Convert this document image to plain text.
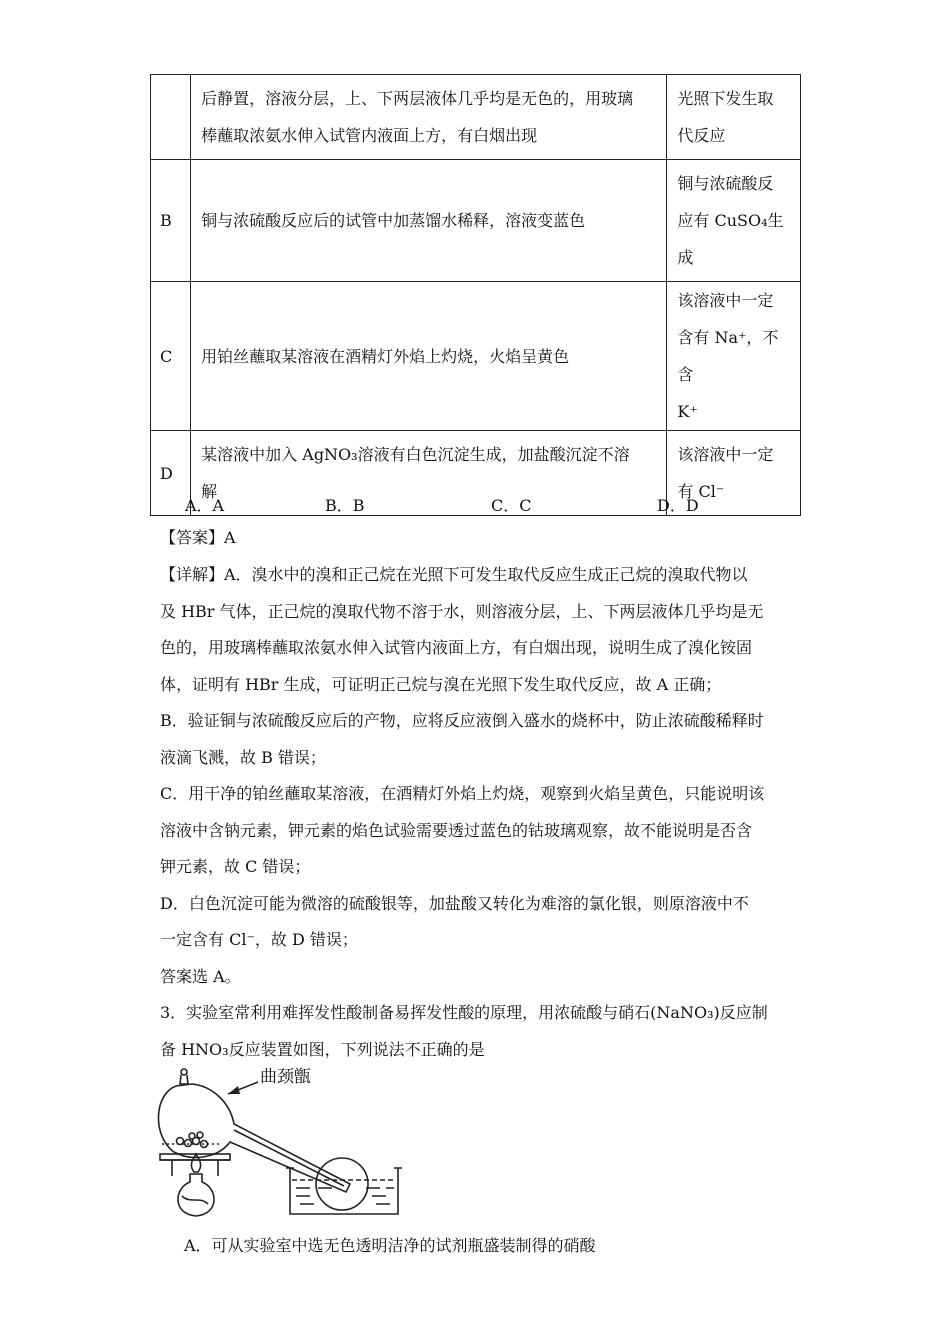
	后静置，溶液分层，上、下两层液体几乎均是无色的，用玻璃
棒蘸取浓氨水伸入试管内液面上方，有白烟出现	光照下发生取
代反应

B	铜与浓硫酸反应后的试管中加蒸馏水稀释，溶液变蓝色	铜与浓硫酸反
应有 CuSO₄生
成

C	用铂丝蘸取某溶液在酒精灯外焰上灼烧，火焰呈黄色	该溶液中一定
含有 Na⁺，不含
K⁺

D	某溶液中加入 AgNO₃溶液有白色沉淀生成，加盐酸沉淀不溶
解	该溶液中一定
有 Cl⁻
A．A	B．B	C．C	D．D

【答案】A

【详解】A．溴水中的溴和正己烷在光照下可发生取代反应生成正己烷的溴取代物以
及 HBr 气体，正己烷的溴取代物不溶于水，则溶液分层，上、下两层液体几乎均是无
色的，用玻璃棒蘸取浓氨水伸入试管内液面上方，有白烟出现，说明生成了溴化铵固
体，证明有 HBr 生成，可证明正己烷与溴在光照下发生取代反应，故 A 正确；
B．验证铜与浓硫酸反应后的产物，应将反应液倒入盛水的烧杯中，防止浓硫酸稀释时
液滴飞溅，故 B 错误；
C．用干净的铂丝蘸取某溶液，在酒精灯外焰上灼烧，观察到火焰呈黄色，只能说明该
溶液中含钠元素，钾元素的焰色试验需要透过蓝色的钴玻璃观察，故不能说明是否含
钾元素，故 C 错误；
D．白色沉淀可能为微溶的硫酸银等，加盐酸又转化为难溶的氯化银，则原溶液中不
一定含有 Cl⁻，故 D 错误；
答案选 A。

3．实验室常利用难挥发性酸制备易挥发性酸的原理，用浓硫酸与硝石(NaNO₃)反应制
备 HNO₃反应装置如图，下列说法不正确的是

曲颈甑
A．可从实验室中选无色透明洁净的试剂瓶盛装制得的硝酸
